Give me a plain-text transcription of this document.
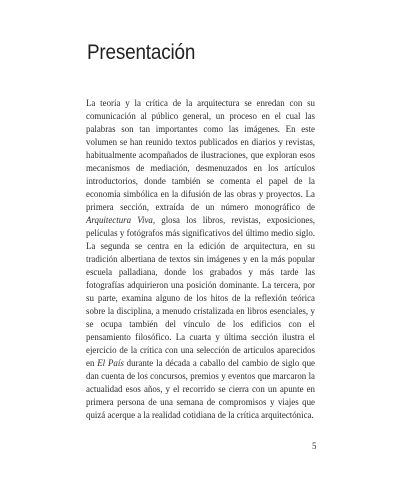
Presentación

La teoría y la crítica de la arquitectura se enredan con su comunicación al público general, un proceso en el cual las palabras son tan importantes como las imágenes. En este volumen se han reunido textos publicados en diarios y revistas, habitualmente acompañados de ilustraciones, que exploran esos mecanismos de mediación, desmenuzados en los artículos introductorios, donde también se comenta el papel de la economía simbólica en la difusión de las obras y proyectos. La primera sección, extraída de un número monográfico de Arquitectura Viva, glosa los libros, revistas, exposiciones, películas y fotógrafos más significativos del último medio siglo. La segunda se centra en la edición de arquitectura, en su tradición albertiana de textos sin imágenes y en la más popular escuela palladiana, donde los grabados y más tarde las fotografías adquirieron una posición dominante. La tercera, por su parte, examina alguno de los hitos de la reflexión teórica sobre la disciplina, a menudo cristalizada en libros esenciales, y se ocupa también del vínculo de los edificios con el pensamiento filosófico. La cuarta y última sección ilustra el ejercicio de la crítica con una selección de artículos aparecidos en El País durante la década a caballo del cambio de siglo que dan cuenta de los concursos, premios y eventos que marcaron la actualidad esos años, y el recorrido se cierra con un apunte en primera persona de una semana de compromisos y viajes que quizá acerque a la realidad cotidiana de la crítica arquitectónica.

5
